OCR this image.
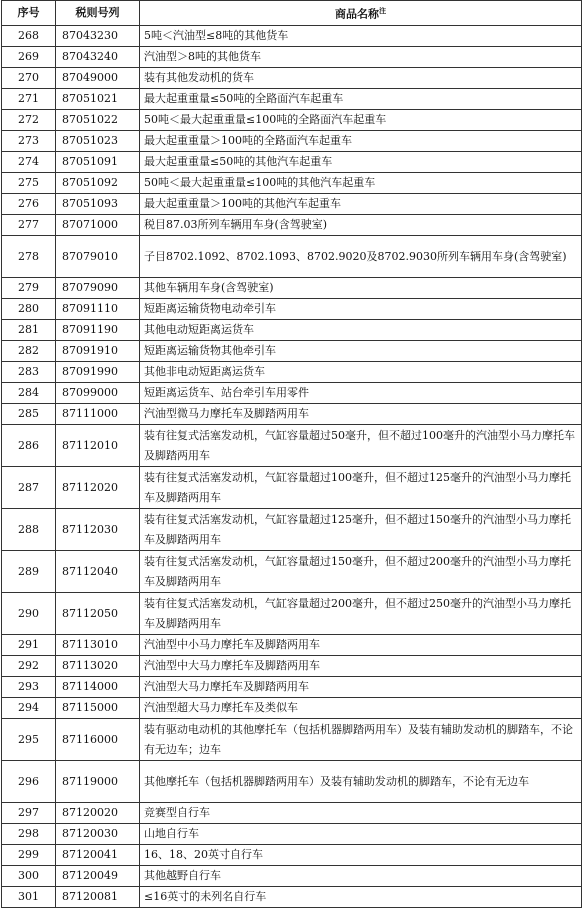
序号	税则号列	商品名称$^注$
268	87043230	5吨＜汽油型≤8吨的其他货车
269	87043240	汽油型＞8吨的其他货车
270	87049000	装有其他发动机的货车
271	87051021	最大起重重量≤50吨的全路面汽车起重车
272	87051022	50吨＜最大起重重量≤100吨的全路面汽车起重车
273	87051023	最大起重重量＞100吨的全路面汽车起重车
274	87051091	最大起重重量≤50吨的其他汽车起重车
275	87051092	50吨＜最大起重重量≤100吨的其他汽车起重车
276	87051093	最大起重重量＞100吨的其他汽车起重车
277	87071000	税目87.03所列车辆用车身(含驾驶室)
278	87079010	子目8702.1092、8702.1093、8702.9020及8702.9030所列车辆用车身(含驾驶室)
279	87079090	其他车辆用车身(含驾驶室)
280	87091110	短距离运输货物电动牵引车
281	87091190	其他电动短距离运货车
282	87091910	短距离运输货物其他牵引车
283	87091990	其他非电动短距离运货车
284	87099000	短距离运货车、站台牵引车用零件
285	87111000	汽油型微马力摩托车及脚踏两用车
286	87112010	装有往复式活塞发动机，气缸容量超过50毫升，但不超过100毫升的汽油型小马力摩托车及脚踏两用车
287	87112020	装有往复式活塞发动机，气缸容量超过100毫升，但不超过125毫升的汽油型小马力摩托车及脚踏两用车
288	87112030	装有往复式活塞发动机，气缸容量超过125毫升，但不超过150毫升的汽油型小马力摩托车及脚踏两用车
289	87112040	装有往复式活塞发动机，气缸容量超过150毫升，但不超过200毫升的汽油型小马力摩托车及脚踏两用车
290	87112050	装有往复式活塞发动机，气缸容量超过200毫升，但不超过250毫升的汽油型小马力摩托车及脚踏两用车
291	87113010	汽油型中小马力摩托车及脚踏两用车
292	87113020	汽油型中大马力摩托车及脚踏两用车
293	87114000	汽油型大马力摩托车及脚踏两用车
294	87115000	汽油型超大马力摩托车及类似车
295	87116000	装有驱动电动机的其他摩托车（包括机器脚踏两用车）及装有辅助发动机的脚踏车，不论有无边车；边车
296	87119000	其他摩托车（包括机器脚踏两用车）及装有辅助发动机的脚踏车，不论有无边车
297	87120020	竞赛型自行车
298	87120030	山地自行车
299	87120041	16、18、20英寸自行车
300	87120049	其他越野自行车
301	87120081	≤16英寸的未列名自行车
